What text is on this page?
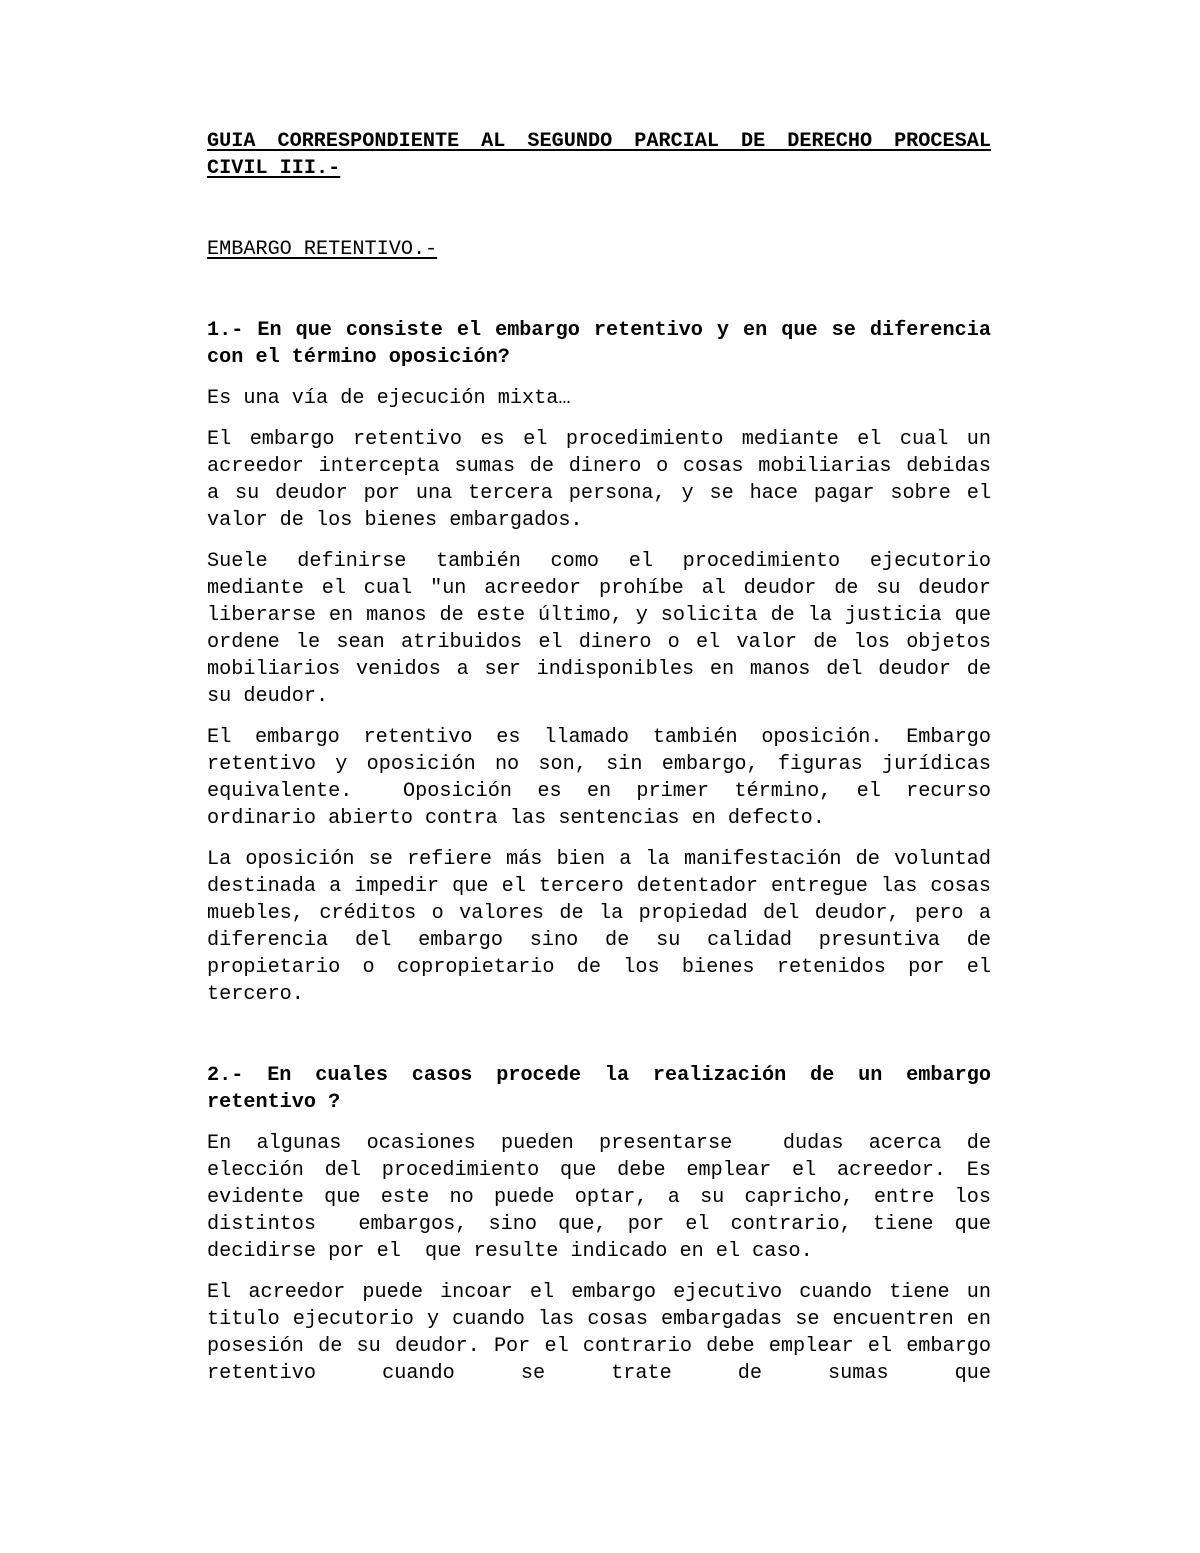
GUIA CORRESPONDIENTE AL SEGUNDO PARCIAL DE DERECHO PROCESAL CIVIL III.-

EMBARGO RETENTIVO.-

1.- En que consiste el embargo retentivo y en que se diferencia con el término oposición?

Es una vía de ejecución mixta…

El embargo retentivo es el procedimiento mediante el cual un acreedor intercepta sumas de dinero o cosas mobiliarias debidas a su deudor por una tercera persona, y se hace pagar sobre el valor de los bienes embargados.

Suele definirse también como el procedimiento ejecutorio mediante el cual "un acreedor prohíbe al deudor de su deudor liberarse en manos de este último, y solicita de la justicia que ordene le sean atribuidos el dinero o el valor de los objetos mobiliarios venidos a ser indisponibles en manos del deudor de su deudor.

El embargo retentivo es llamado también oposición. Embargo retentivo y oposición no son, sin embargo, figuras jurídicas equivalente.  Oposición es en primer término, el recurso ordinario abierto contra las sentencias en defecto.

La oposición se refiere más bien a la manifestación de voluntad destinada a impedir que el tercero detentador entregue las cosas muebles, créditos o valores de la propiedad del deudor, pero a diferencia del embargo sino de su calidad presuntiva de propietario o copropietario de los bienes retenidos por el tercero.

2.- En cuales casos procede la realización de un embargo retentivo ?

En algunas ocasiones pueden presentarse  dudas acerca de elección del procedimiento que debe emplear el acreedor. Es evidente que este no puede optar, a su capricho, entre los distintos  embargos, sino que, por el contrario, tiene que decidirse por el  que resulte indicado en el caso.

El acreedor puede incoar el embargo ejecutivo cuando tiene un titulo ejecutorio y cuando las cosas embargadas se encuentren en posesión de su deudor. Por el contrario debe emplear el embargo retentivo cuando se trate de sumas que
